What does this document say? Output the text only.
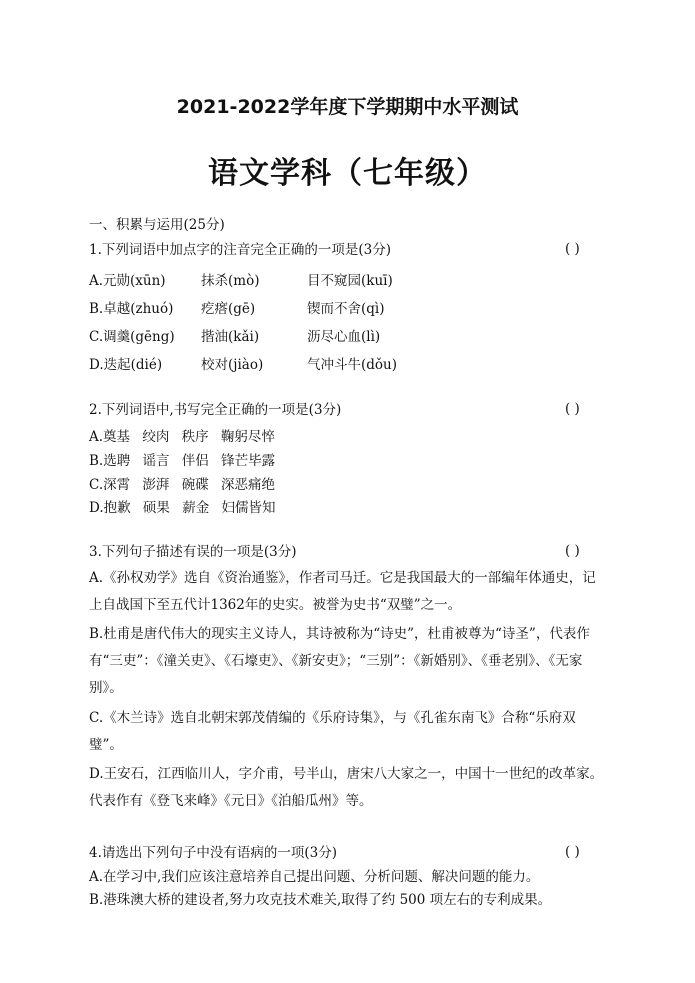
2021-2022学年度下学期期中水平测试
语文学科（七年级）
一、积累与运用(25分)
1.下列词语中加点字的注音完全正确的一项是(3分)	( )
A.元勋(xūn)	抹杀(mò)	目不窥园(kuī)
B.卓越(zhuó) 疙瘩(gē)	锲而不舍(qì)
C.调羹(gēng) 揩油(kǎi)	沥尽心血(lì)
D.迭起(dié)	校对(jiào)	气冲斗牛(dǒu)
2.下列词语中,书写完全正确的一项是(3分)	( )
A.奠基 绞肉 秩序 鞠躬尽悴
B.选聘 谣言 伴侣 锋芒毕露
C.深霄 澎湃 碗碟 深恶痛绝
D.抱歉 硕果 薪金 妇儒皆知
3.下列句子描述有误的一项是(3分)	( )
A.《孙权劝学》选自《资治通鉴》，作者司马迁。它是我国最大的一部编年体通史，记上自战国下至五代计1362年的史实。被誉为史书“双璧”之一。
B.杜甫是唐代伟大的现实主义诗人，其诗被称为“诗史”，杜甫被尊为“诗圣”，代表作有“三吏”：《潼关吏》、《石壕吏》、《新安吏》；“三别”：《新婚别》、《垂老别》、《无家别》。
C.《木兰诗》选自北朝宋郭茂倩编的《乐府诗集》，与《孔雀东南飞》合称“乐府双璧”。
D.王安石，江西临川人，字介甫，号半山，唐宋八大家之一，中国十一世纪的改革家。代表作有《登飞来峰》《元日》《泊船瓜州》等。
4.请选出下列句子中没有语病的一项(3分)	( )
A.在学习中,我们应该注意培养自己提出问题、分析问题、解决问题的能力。
B.港珠澳大桥的建设者,努力攻克技术难关,取得了约 500 项左右的专利成果。
